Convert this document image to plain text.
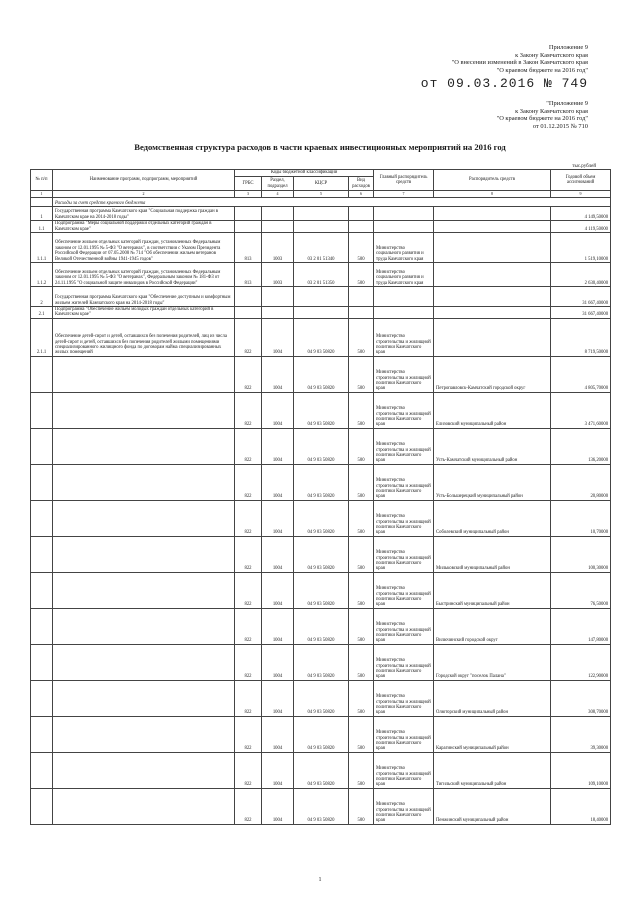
Приложение 9
к Закону Камчатского края
"О внесении изменений в Закон Камчатского края
"О краевом бюджете на 2016 год"
от 09.03.2016 № 749
"Приложение 9
к Закону Камчатского края
"О краевом бюджете на 2016 год"
от 01.12.2015 № 710
Ведомственная структура расходов в части краевых инвестиционных мероприятий на 2016 год
тыс.рублей
№ п/п	Наименование программ, подпрограмм, мероприятий	Коды бюджетной классификации				Главный распорядитель средств	Распорядитель средств	Годовой объем ассигнований
		ГРБС	Раздел, подраздел	КЦСР	Вид расходов			
1	2	3	4	5	6	7	8	9
	Расходы за счет средств краевого бюджета							
1	Государственная программа Камчатского края "Социальная поддержка граждан в Камчатском крае на 2014-2018 годы"							4 149,50000
1.1	Подпрограмма "Меры социальной поддержки отдельных категорий граждан в Камчатском крае"							4 119,50000
1.1.1	Обеспечение жильем отдельных категорий граждан, установленных Федеральным законом от 12.01.1995 № 5-ФЗ "О ветеранах", в соответствии с Указом Президента Российской Федерации от 07.05.2008 № 714 "Об обеспечении жильем ветеранов Великой Отечественной войны 1941-1945 годов"	813	1003	03 2 01 51340	500	Министерство социального развития и труда Камчатского края		1 519,10000
1.1.2	Обеспечение жильем отдельных категорий граждан, установленных Федеральным законом от 12.01.1995 № 5-ФЗ "О ветеранах", Федеральным законом № 181-ФЗ от 24.11.1995 "О социальной защите инвалидов в Российской Федерации"	813	1003	03 2 01 51350	500	Министерство социального развития и труда Камчатского края		2 630,40000
2	Государственная программа Камчатского края "Обеспечение доступным и комфортным жильем жителей Камчатского края на 2014-2018 годы"							31 667,40000
2.1	Подпрограмма "Обеспечение жильем молодых граждан отдельных категорий в Камчатском крае"							31 667,40000
2.1.1	Обеспечение детей-сирот и детей, оставшихся без попечения родителей, лиц из числа детей-сирот и детей, оставшихся без попечения родителей жилыми помещениями специализированного жилищного фонда по договорам найма специализированных жилых помещений	822	1004	04 9 03 50820	500	Министерство строительства и жилищной политики Камчатского края		8 719,50000
		822	1004	04 9 03 50820	500	Министерство строительства и жилищной политики Камчатского края	Петропавловск-Камчатский городской округ	4 805,70000
		822	1004	04 9 03 50820	500	Министерство строительства и жилищной политики Камчатского края	Елизовский муниципальный район	3 471,60000
		822	1004	04 9 03 50820	500	Министерство строительства и жилищной политики Камчатского края	Усть-Камчатский муниципальный район	136,20000
		822	1004	04 9 03 50820	500	Министерство строительства и жилищной политики Камчатского края	Усть-Большерецкий муниципальный район	20,80000
		822	1004	04 9 03 50820	500	Министерство строительства и жилищной политики Камчатского края	Соболевский муниципальный район	10,70000
		822	1004	04 9 03 50820	500	Министерство строительства и жилищной политики Камчатского края	Мильковский муниципальный район	100,30000
		822	1004	04 9 03 50820	500	Министерство строительства и жилищной политики Камчатского края	Быстринский муниципальный район	76,50000
		822	1004	04 9 03 50820	500	Министерство строительства и жилищной политики Камчатского края	Вилючинский городской округ	147,80000
		822	1004	04 9 03 50820	500	Министерство строительства и жилищной политики Камчатского края	Городской округ "поселок Палана"	122,90000
		822	1004	04 9 03 50820	500	Министерство строительства и жилищной политики Камчатского края	Олюторский муниципальный район	308,70000
		822	1004	04 9 03 50820	500	Министерство строительства и жилищной политики Камчатского края	Карагинский муниципальный район	39,30000
		822	1004	04 9 03 50820	500	Министерство строительства и жилищной политики Камчатского края	Тигильский муниципальный район	109,10000
		822	1004	04 9 03 50820	500	Министерство строительства и жилищной политики Камчатского края	Пенжинский муниципальный район	18,40000
1
